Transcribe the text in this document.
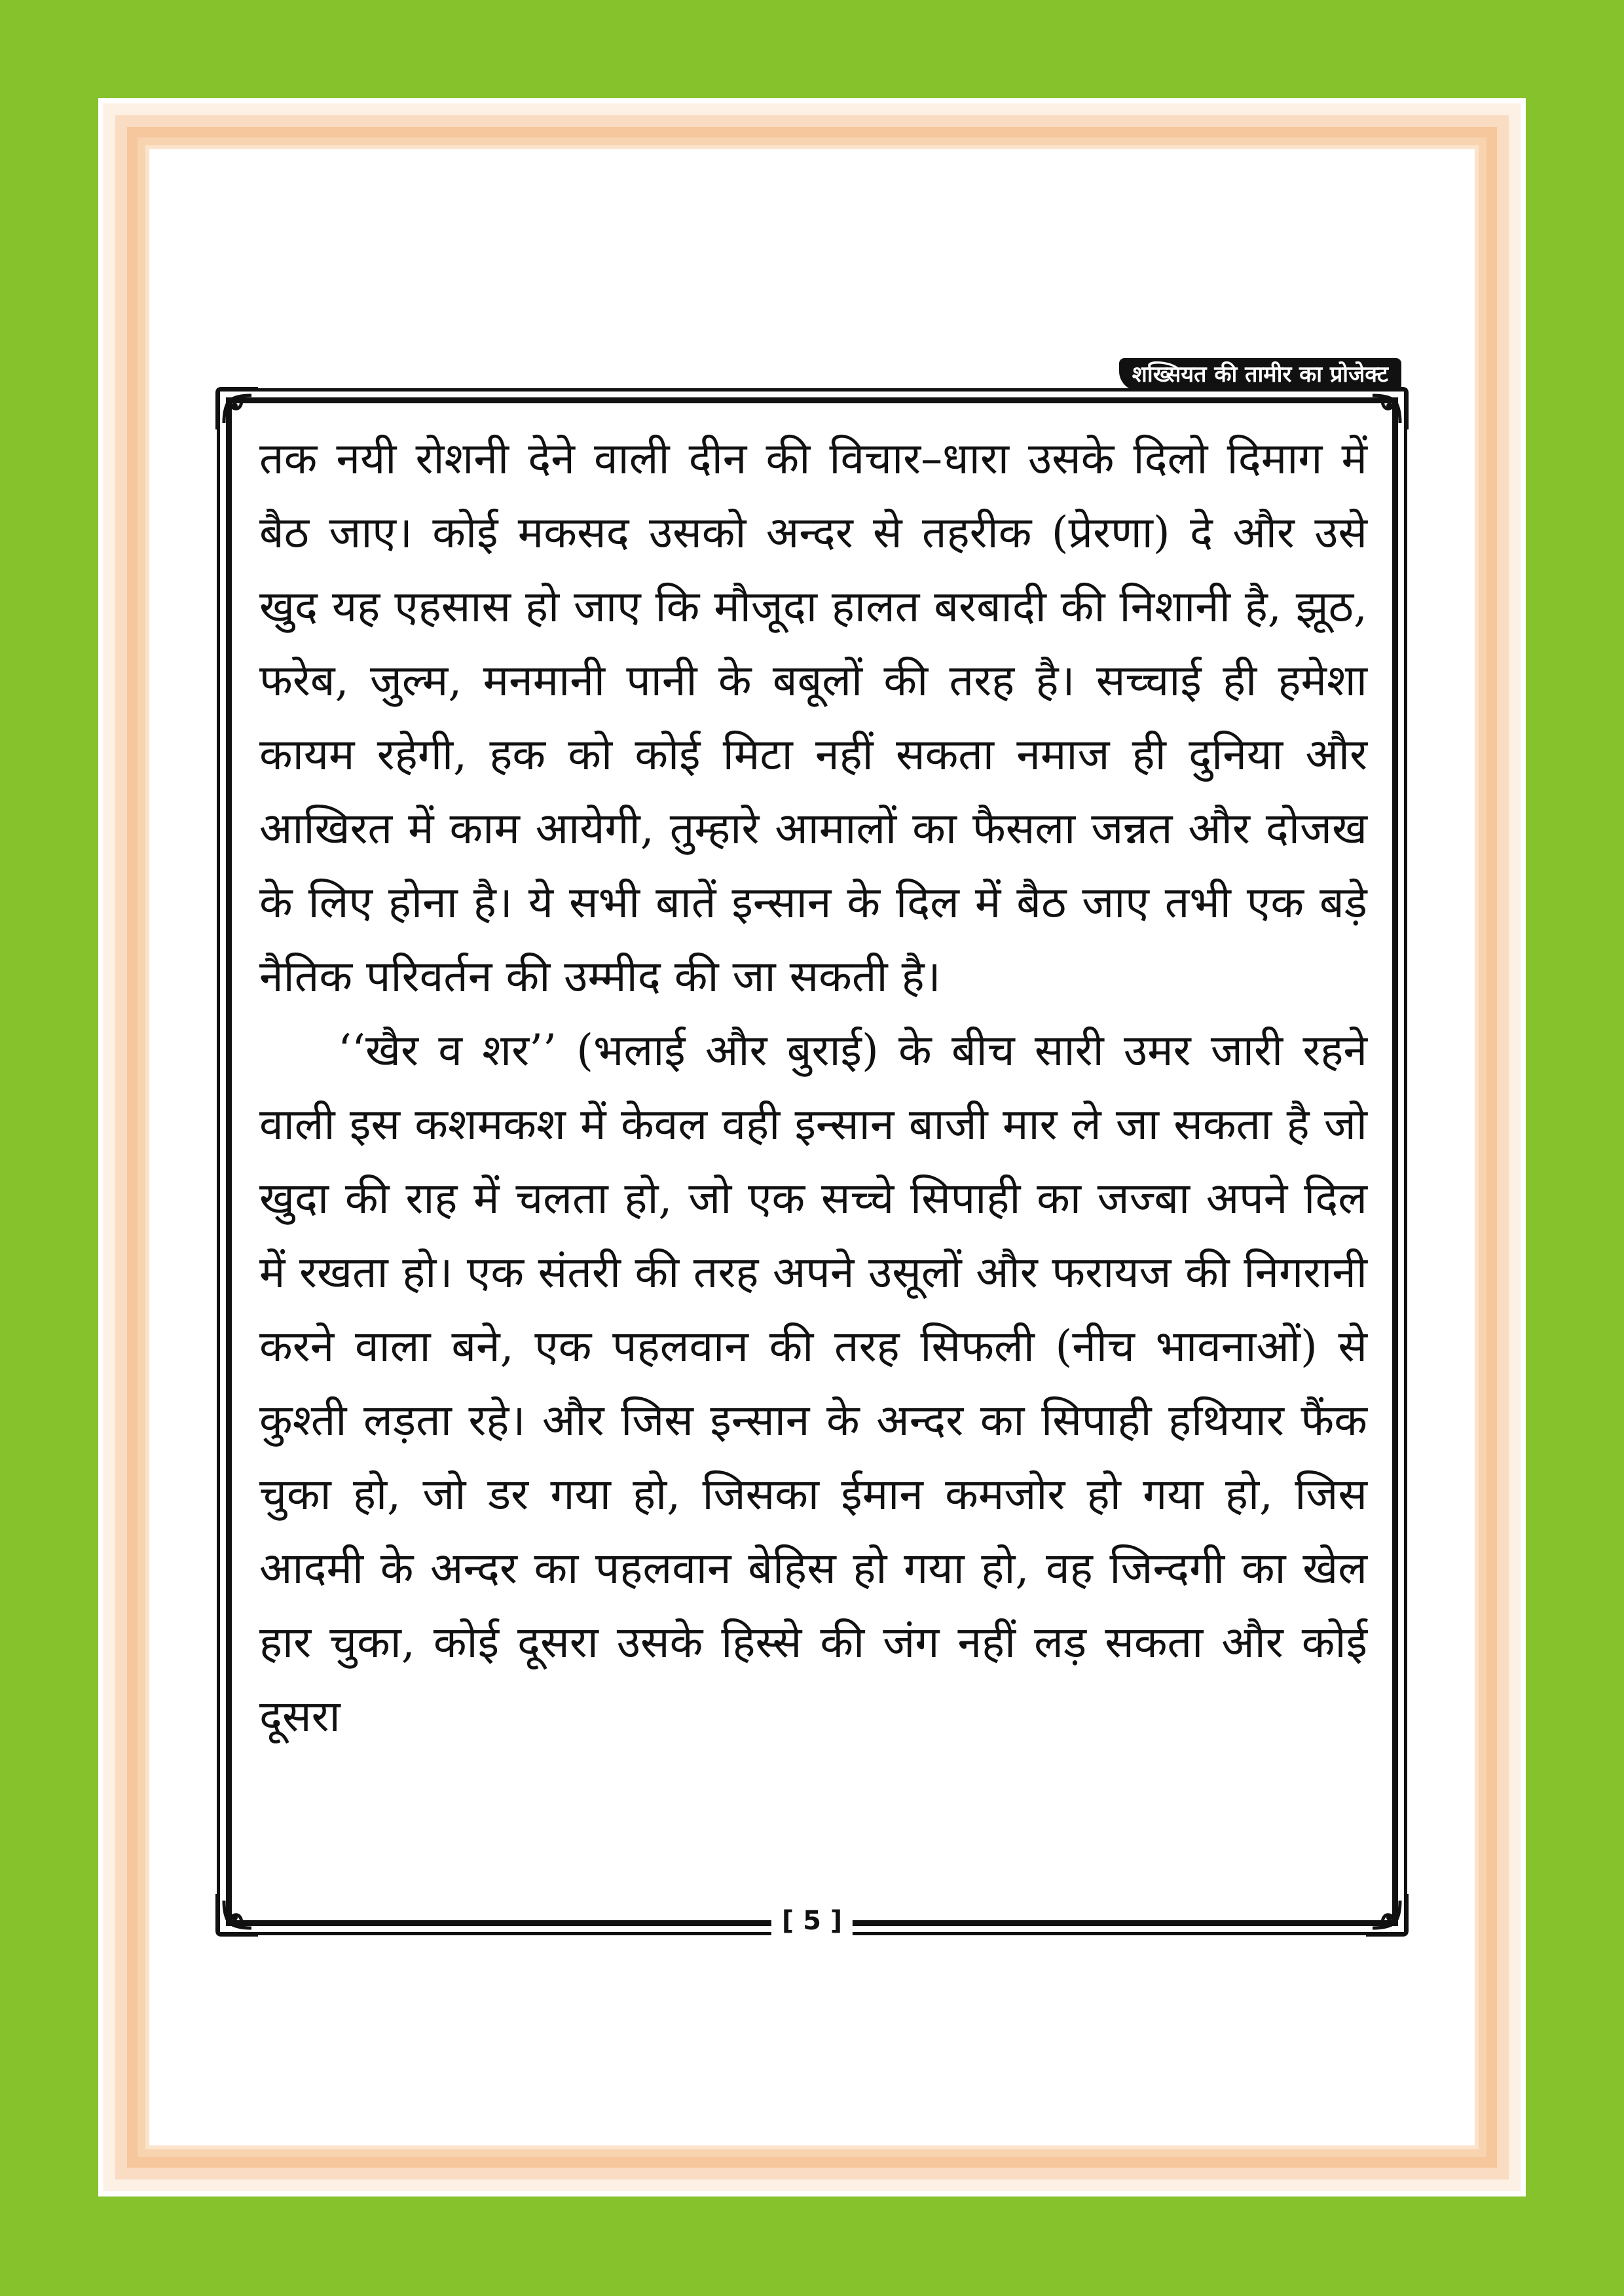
शख्सियत की तामीर का प्रोजेक्ट

तक नयी रोशनी देने वाली दीन की विचार–धारा उसके दिलो दिमाग में बैठ जाए। कोई मकसद उसको अन्दर से तहरीक (प्रेरणा) दे और उसे खुद यह एहसास हो जाए कि मौजूदा हालत बरबादी की निशानी है, झूठ, फरेब, जुल्म, मनमानी पानी के बबूलों की तरह है। सच्चाई ही हमेशा कायम रहेगी, हक को कोई मिटा नहीं सकता नमाज ही दुनिया और आखिरत में काम आयेगी, तुम्हारे आमालों का फैसला जन्नत और दोजख के लिए होना है। ये सभी बातें इन्सान के दिल में बैठ जाए तभी एक बड़े नैतिक परिवर्तन की उम्मीद की जा सकती है।

‘‘खैर व शर’’ (भलाई और बुराई) के बीच सारी उमर जारी रहने वाली इस कशमकश में केवल वही इन्सान बाजी मार ले जा सकता है जो खुदा की राह में चलता हो, जो एक सच्चे सिपाही का जज्बा अपने दिल में रखता हो। एक संतरी की तरह अपने उसूलों और फरायज की निगरानी करने वाला बने, एक पहलवान की तरह सिफली (नीच भावनाओं) से कुश्ती लड़ता रहे। और जिस इन्सान के अन्दर का सिपाही हथियार फैंक चुका हो, जो डर गया हो, जिसका ईमान कमजोर हो गया हो, जिस आदमी के अन्दर का पहलवान बेहिस हो गया हो, वह जिन्दगी का खेल हार चुका, कोई दूसरा उसके हिस्से की जंग नहीं लड़ सकता और कोई दूसरा

[ 5 ]
